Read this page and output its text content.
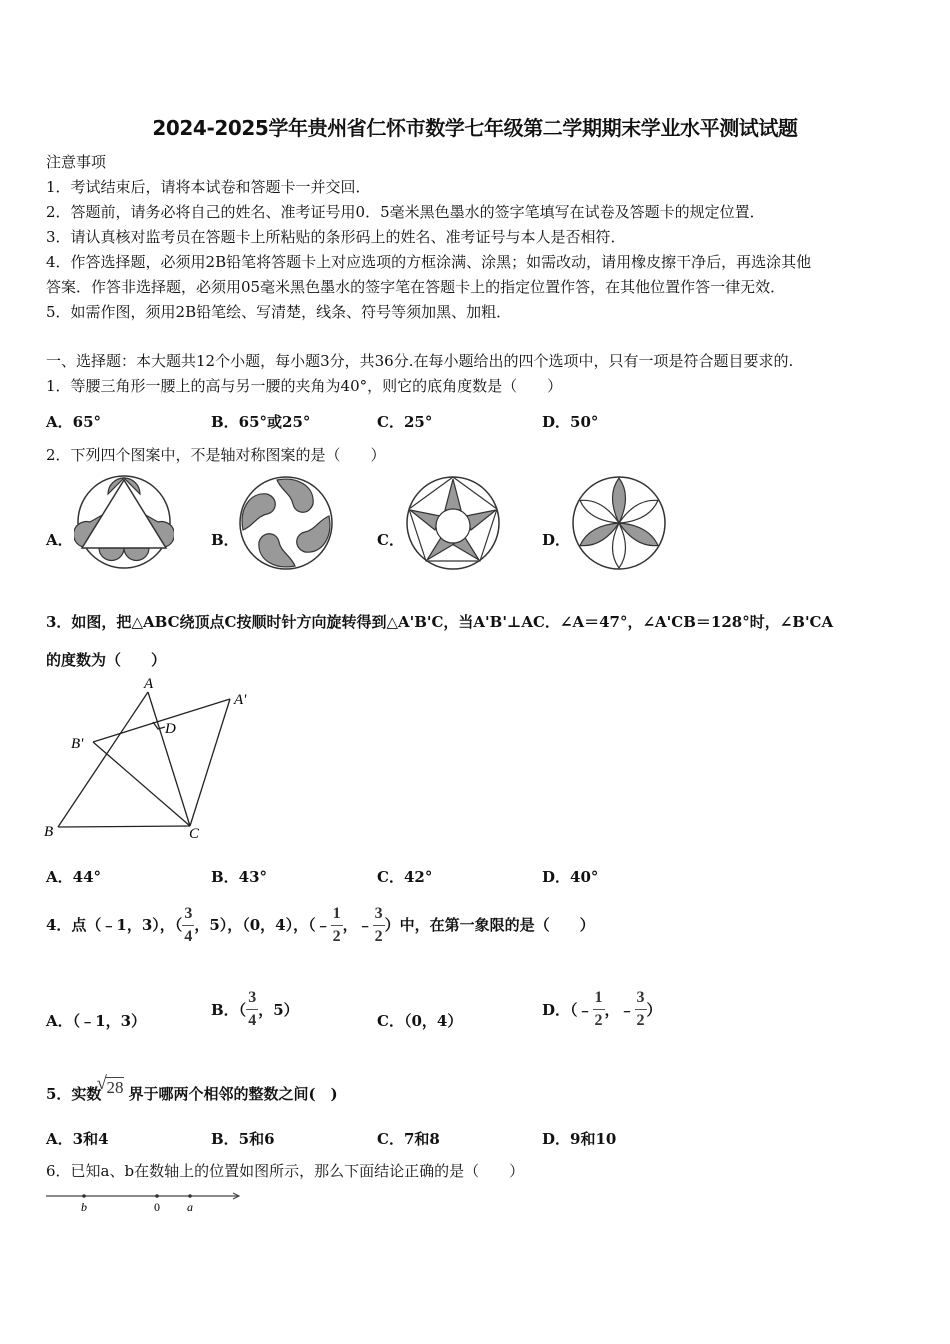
2024-2025学年贵州省仁怀市数学七年级第二学期期末学业水平测试试题
注意事项
1．考试结束后，请将本试卷和答题卡一并交回．
2．答题前，请务必将自己的姓名、准考证号用0．5毫米黑色墨水的签字笔填写在试卷及答题卡的规定位置．
3．请认真核对监考员在答题卡上所粘贴的条形码上的姓名、准考证号与本人是否相符．
4．作答选择题，必须用2B铅笔将答题卡上对应选项的方框涂满、涂黑；如需改动，请用橡皮擦干净后，再选涂其他
答案．作答非选择题，必须用05毫米黑色墨水的签字笔在答题卡上的指定位置作答，在其他位置作答一律无效．
5．如需作图，须用2B铅笔绘、写清楚，线条、符号等须加黑、加粗．
一、选择题：本大题共12个小题，每小题3分，共36分.在每小题给出的四个选项中，只有一项是符合题目要求的.
1．等腰三角形一腰上的高与另一腰的夹角为40°，则它的底角度数是（　　）
A．65°	B．65°或25°	C．25°	D．50°
2．下列四个图案中，不是轴对称图案的是（　　）
A．	B．	C．	D．
3．如图，把△ABC绕顶点C按顺时针方向旋转得到△A'B'C，当A'B'⊥AC．∠A＝47°，∠A'CB＝128°时，∠B'CA
的度数为（　　）
A
A'
B'
D
B	C
A．44°	B．43°	C．42°	D．40°
4．点（﹣1，3），（ $\frac{3}{4}$ ，5），（0，4），（﹣ $\frac{1}{2}$ ，﹣ $\frac{3}{2}$ ）中，在第一象限的是（　　）
A．（﹣1，3）
B．（ $\frac{3}{4}$ ，5）
C．（0，4）
D．（﹣ $\frac{1}{2}$ ，﹣ $\frac{3}{2}$ ）
5．实数
√ 28 界于哪两个相邻的整数之间(　)
A．3和4	B．5和6	C．7和8	D．9和10
6．已知a、b在数轴上的位置如图所示，那么下面结论正确的是（　　）
b	0 a
